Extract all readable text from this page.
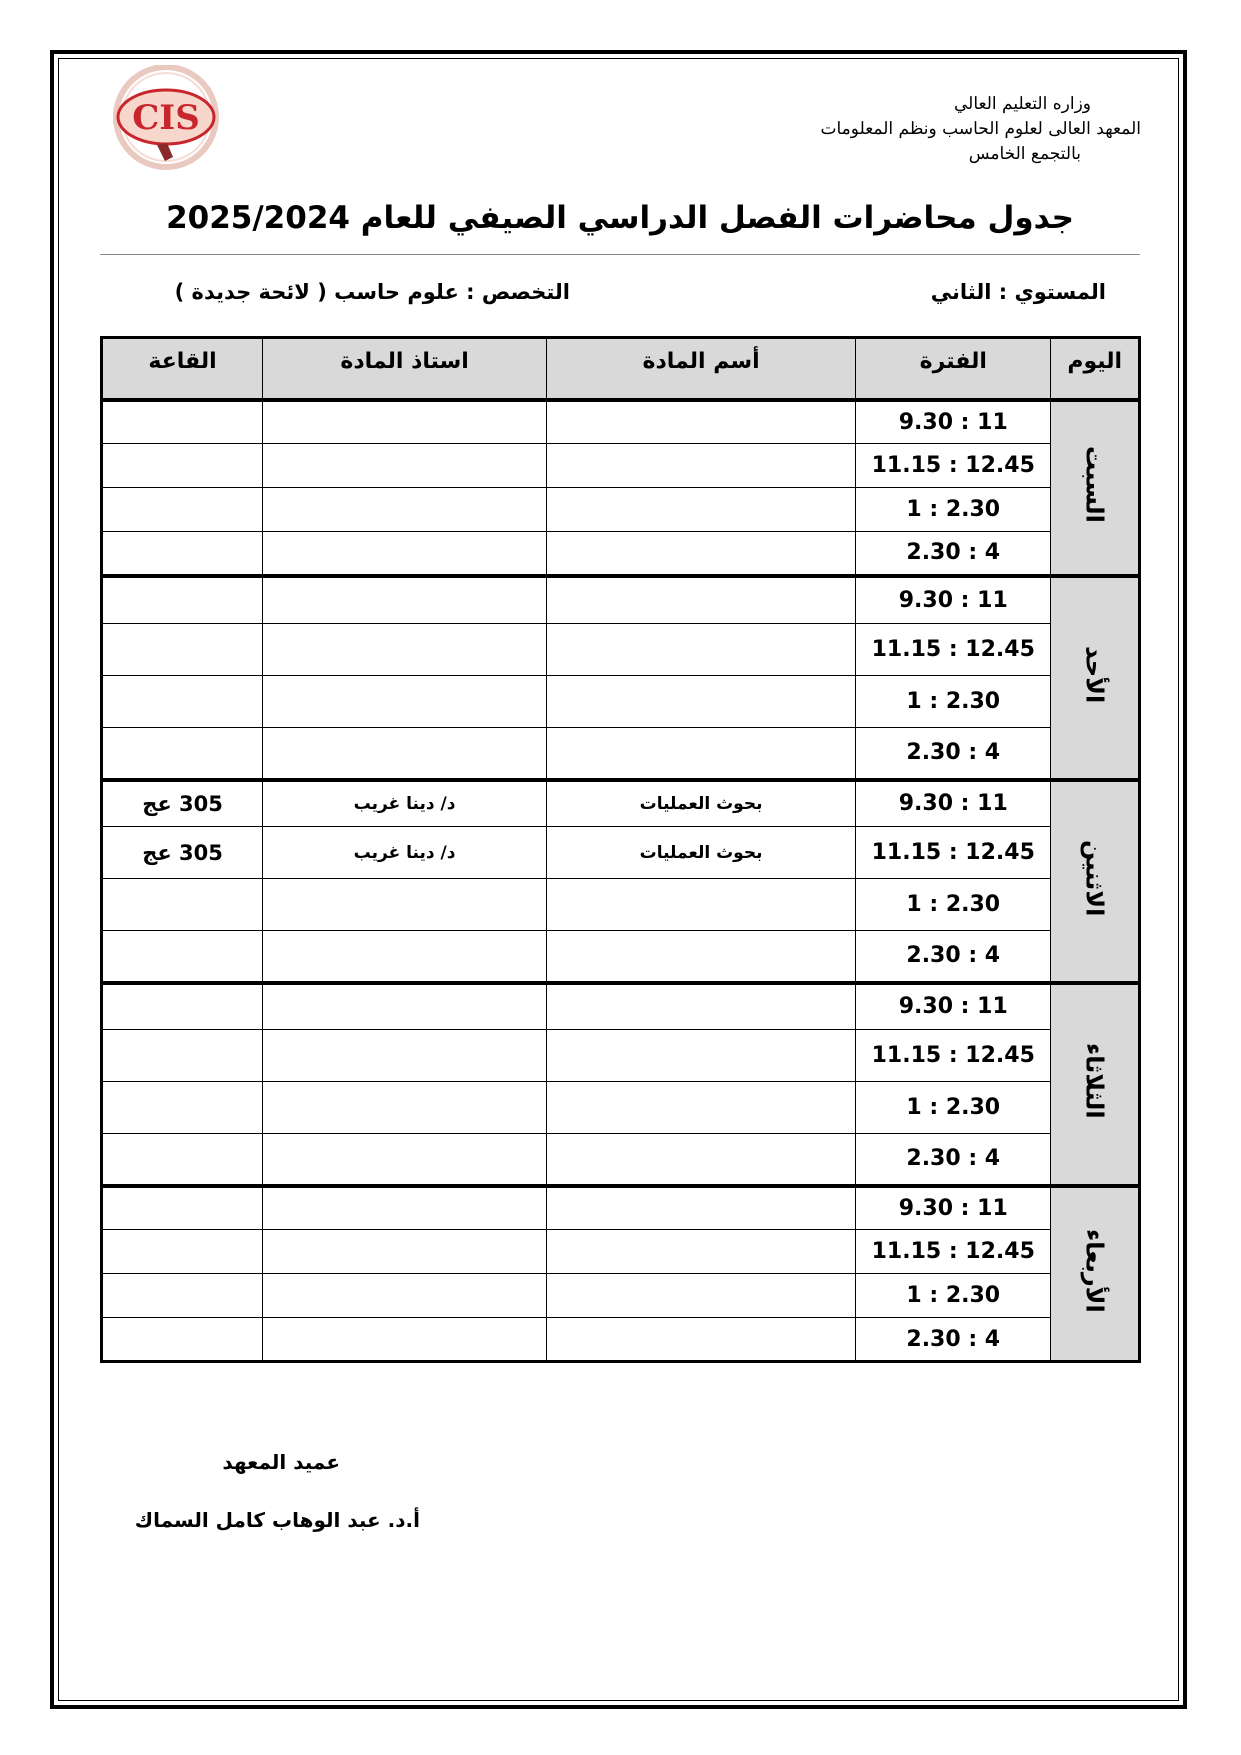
CIS	وزاره التعليم العالي
المعهد العالى لعلوم الحاسب ونظم المعلومات
بالتجمع الخامس
جدول محاضرات الفصل الدراسي الصيفي للعام 2025/2024
المستوي : الثاني
التخصص : علوم حاسب ( لائحة جديدة )
اليوم	الفترة	أسم المادة	استاذ المادة	القاعة
السبت	9.30 : 11			
	11.15 : 12.45			
	1 : 2.30			
	2.30 : 4			
الأحد	9.30 : 11			
	11.15 : 12.45			
	1 : 2.30			
	2.30 : 4			
الاثنين	9.30 : 11	بحوث العمليات	د/ دينا غريب	305 عج
	11.15 : 12.45	بحوث العمليات	د/ دينا غريب	305 عج
	1 : 2.30			
	2.30 : 4			
الثلاثاء	9.30 : 11			
	11.15 : 12.45			
	1 : 2.30			
	2.30 : 4			
الأربعاء	9.30 : 11			
	11.15 : 12.45			
	1 : 2.30			
	2.30 : 4			
عميد المعهد
أ.د. عبد الوهاب كامل السماك
